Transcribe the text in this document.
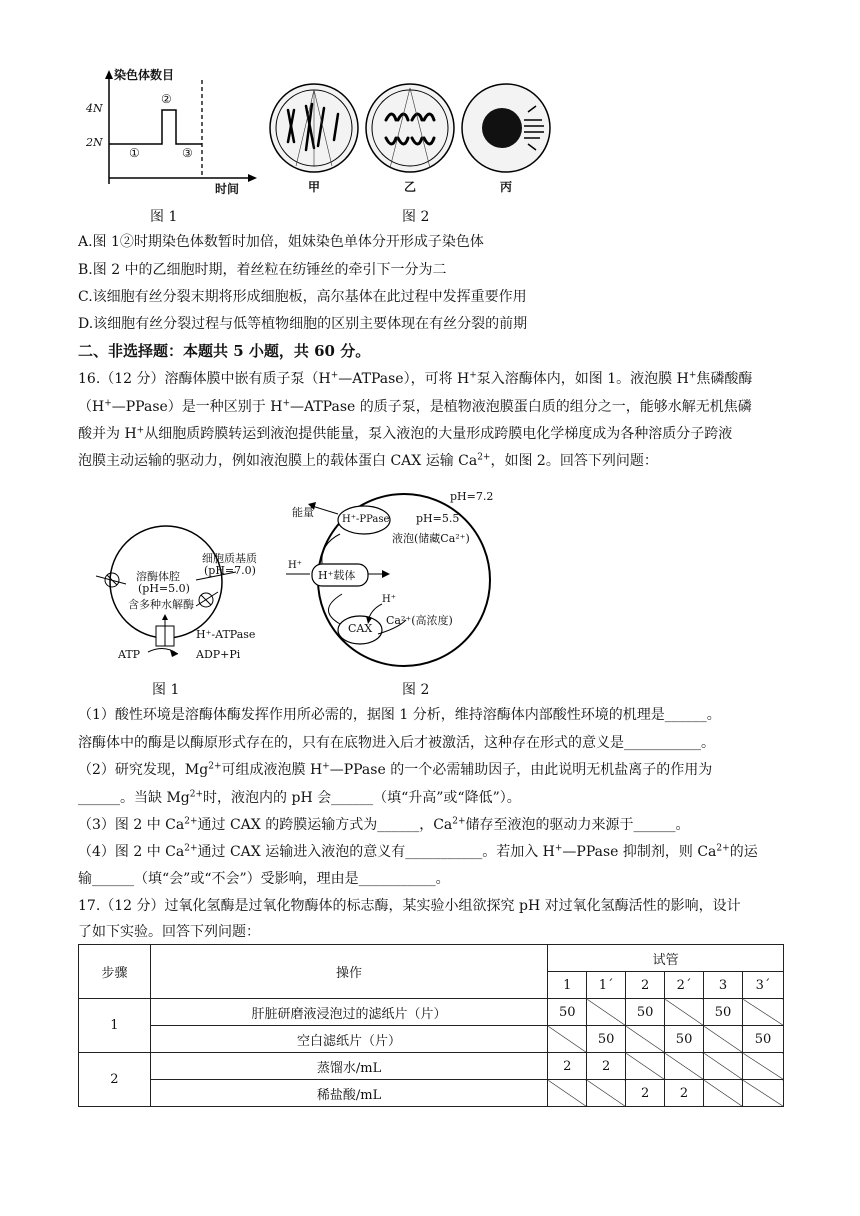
染色体数目
4N
2N
①
②
③
时间	甲	乙	丙
图 1	图 2
A.图 1②时期染色体数暂时加倍，姐妹染色单体分开形成子染色体
B.图 2 中的乙细胞时期，着丝粒在纺锤丝的牵引下一分为二
C.该细胞有丝分裂末期将形成细胞板，高尔基体在此过程中发挥重要作用
D.该细胞有丝分裂过程与低等植物细胞的区别主要体现在有丝分裂的前期
二、非选择题：本题共 5 小题，共 60 分。
16.（12 分）溶酶体膜中嵌有质子泵（H+—ATPase），可将 H+泵入溶酶体内，如图 1。液泡膜 H+焦磷酸酶
（H+—PPase）是一种区别于 H+—ATPase 的质子泵，是植物液泡膜蛋白质的组分之一，能够水解无机焦磷
酸并为 H+从细胞质跨膜转运到液泡提供能量，泵入液泡的大量形成跨膜电化学梯度成为各种溶质分子跨液
泡膜主动运输的驱动力，例如液泡膜上的载体蛋白 CAX 运输 $Ca^{2+}$，如图 2。回答下列问题：
溶酶体腔
(pH=5.0)
含多种水解酶
细胞质基质
(pH=7.0)
H⁺-ATPase
ATP	ADP+Pi
能量
H⁺-PPase
pH=7.2
pH=5.5
液泡(储藏Ca²⁺)
H⁺
H⁺载体
H⁺
CAX
Ca²⁺(高浓度)
图 1	图 2
（1）酸性环境是溶酶体酶发挥作用所必需的，据图 1 分析，维持溶酶体内部酸性环境的机理是______。
溶酶体中的酶是以酶原形式存在的，只有在底物进入后才被激活，这种存在形式的意义是___________。
（2）研究发现，$Mg^{2+}$可组成液泡膜 H+—PPase 的一个必需辅助因子，由此说明无机盐离子的作用为
______。当缺 $Mg^{2+}$时，液泡内的 pH 会______（填“升高”或“降低”）。
（3）图 2 中 $Ca^{2+}$通过 CAX 的跨膜运输方式为______，$Ca^{2+}$储存至液泡的驱动力来源于______。
（4）图 2 中 $Ca^{2+}$通过 CAX 运输进入液泡的意义有___________。若加入 H+—PPase 抑制剂，则 $Ca^{2+}$的运
输______（填“会”或“不会”）受影响，理由是___________。
17.（12 分）过氧化氢酶是过氧化物酶体的标志酶，某实验小组欲探究 pH 对过氧化氢酶活性的影响，设计
了如下实验。回答下列问题：
步骤	操作	试管					
		1	1´	2	2´	3	3´
1	肝脏研磨液浸泡过的滤纸片（片）	50		50		50	
	空白滤纸片（片）		50		50		50
2	蒸馏水/mL	2	2				
	稀盐酸/mL			2	2		
